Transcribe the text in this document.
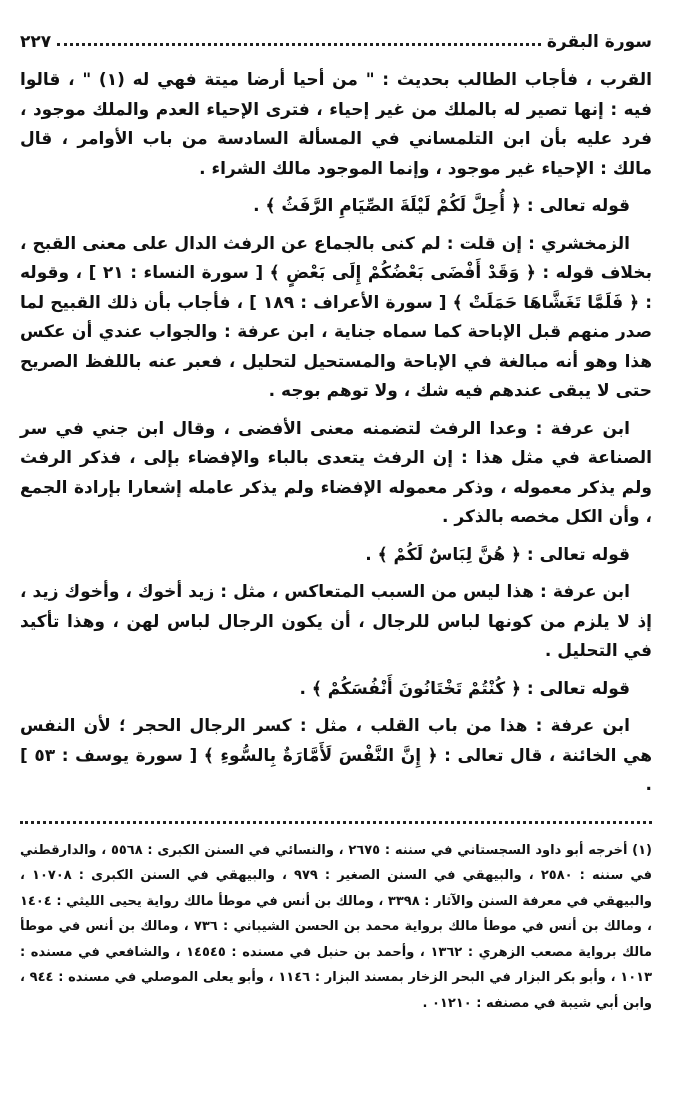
سورة البقرة
٢٢٧

القرب ، فأجاب الطالب بحديث : " من أحيا أرضا ميتة فهي له (١) " ، قالوا فيه : إنها تصير له بالملك من غير إحياء ، فترى الإحياء العدم والملك موجود ، فرد عليه بأن ابن التلمساني في المسألة السادسة من باب الأوامر ، قال مالك : الإحياء غير موجود ، وإنما الموجود مالك الشراء .

قوله تعالى : ﴿ أُحِلَّ لَكُمْ لَيْلَةَ الصِّيَامِ الرَّفَثُ ﴾ .

الزمخشري : إن قلت : لم كنى بالجماع عن الرفث الدال على معنى القبح ، بخلاف قوله : ﴿ وَقَدْ أَفْضَى بَعْضُكُمْ إِلَى بَعْضٍ ﴾ [ سورة النساء : ٢١ ] ، وقوله : ﴿ فَلَمَّا تَغَشَّاهَا حَمَلَتْ ﴾ [ سورة الأعراف : ١٨٩ ] ، فأجاب بأن ذلك القبيح لما صدر منهم قبل الإباحة كما سماه جناية ، ابن عرفة : والجواب عندي أن عكس هذا وهو أنه مبالغة في الإباحة والمستحيل لتحليل ، فعبر عنه باللفظ الصريح حتى لا يبقى عندهم فيه شك ، ولا توهم بوجه .

ابن عرفة : وعدا الرفث لتضمنه معنى الأفضى ، وقال ابن جني في سر الصناعة في مثل هذا : إن الرفث يتعدى بالباء والإفضاء بإلى ، فذكر الرفث ولم يذكر معموله ، وذكر معموله الإفضاء ولم يذكر عامله إشعارا بإرادة الجمع ، وأن الكل مخصه بالذكر .

قوله تعالى : ﴿ هُنَّ لِبَاسٌ لَكُمْ ﴾ .

ابن عرفة : هذا ليس من السبب المتعاكس ، مثل : زيد أخوك ، وأخوك زيد ، إذ لا يلزم من كونها لباس للرجال ، أن يكون الرجال لباس لهن ، وهذا تأكيد في التحليل .

قوله تعالى : ﴿ كُنْتُمْ تَخْتَانُونَ أَنْفُسَكُمْ ﴾ .

ابن عرفة : هذا من باب القلب ، مثل : كسر الرجال الحجر ؛ لأن النفس هي الخائنة ، قال تعالى : ﴿ إِنَّ النَّفْسَ لَأَمَّارَةٌ بِالسُّوءِ ﴾ [ سورة يوسف : ٥٣ ] .

(١) أخرجه أبو داود السجستاني في سننه : ٢٦٧٥ ، والنسائي في السنن الكبرى : ٥٥٦٨ ، والدارقطني في سننه : ٢٥٨٠ ، والبيهقي في السنن الصغير : ٩٧٩ ، والبيهقي في السنن الكبرى : ١٠٧٠٨ ، والبيهقي في معرفة السنن والآثار : ٣٣٩٨ ، ومالك بن أنس في موطأ مالك رواية يحيى الليثي : ١٤٠٤ ، ومالك بن أنس في موطأ مالك برواية محمد بن الحسن الشيباني : ٧٣٦ ، ومالك بن أنس في موطأ مالك برواية مصعب الزهري : ١٣٦٢ ، وأحمد بن حنبل في مسنده : ١٤٥٤٥ ، والشافعي في مسنده : ١٠١٣ ، وأبو بكر البزار في البحر الزخار بمسند البزار : ١١٤٦ ، وأبو يعلى الموصلي في مسنده : ٩٤٤ ، وابن أبي شيبة في مصنفه : ٠١٢١٠ .
